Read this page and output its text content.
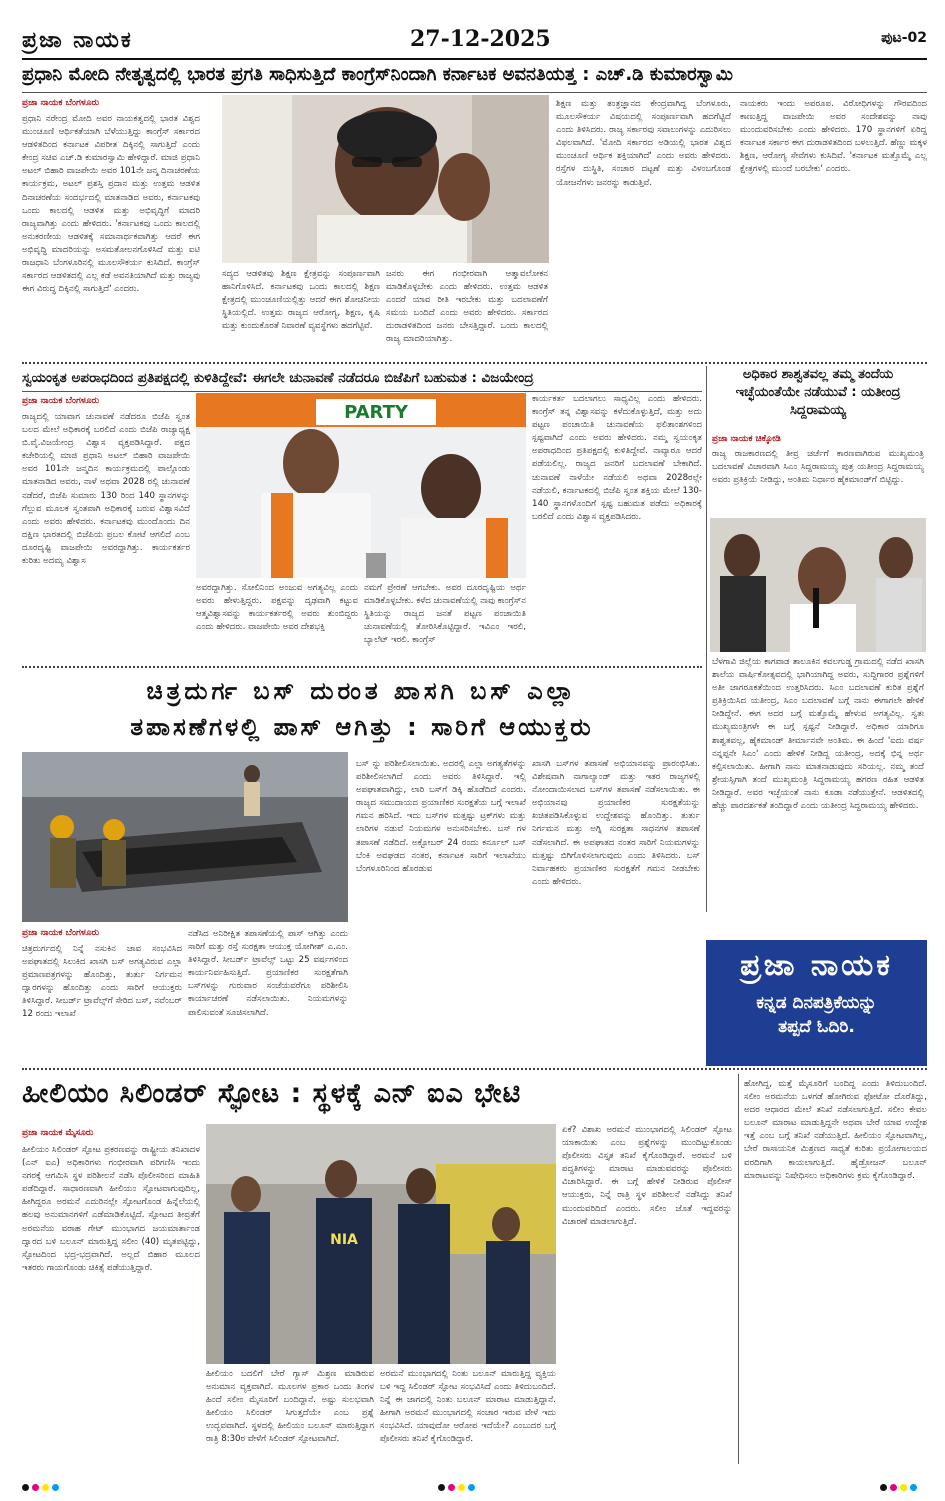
ಪ್ರಜಾ ನಾಯಕ	27-12-2025	ಪುಟ-02
ಪ್ರಧಾನಿ ಮೋದಿ ನೇತೃತ್ವದಲ್ಲಿ ಭಾರತ ಪ್ರಗತಿ ಸಾಧಿಸುತ್ತಿದೆ ಕಾಂಗ್ರೆಸ್‌ನಿಂದಾಗಿ ಕರ್ನಾಟಕ ಅವನತಿಯತ್ತ : ಎಚ್.ಡಿ ಕುಮಾರಸ್ವಾಮಿ
ಪ್ರಜಾ ನಾಯಕ ಬೆಂಗಳೂರು

ಪ್ರಧಾನಿ ನರೇಂದ್ರ ಮೋದಿ ಅವರ ನಾಯಕತ್ವದಲ್ಲಿ ಭಾರತ ವಿಶ್ವದ ಮುಂಚೂಣಿ ಆರ್ಥಿಕತೆಯಾಗಿ ಬೆಳೆಯುತ್ತಿದ್ದು ಕಾಂಗ್ರೆಸ್ ಸರ್ಕಾರದ ಆಡಳಿತದಿಂದ ಕರ್ನಾಟಕ ವಿಪರೀತ ದಿಕ್ಕಿನಲ್ಲಿ ಸಾಗುತ್ತಿದೆ ಎಂದು ಕೇಂದ್ರ ಸಚಿವ ಎಚ್.ಡಿ ಕುಮಾರಸ್ವಾಮಿ ಹೇಳಿದ್ದಾರೆ. ಮಾಜಿ ಪ್ರಧಾನಿ ಅಟಲ್ ಬಿಹಾರಿ ವಾಜಪೇಯಿ ಅವರ 101ನೇ ಜನ್ಮ ದಿನಾಚರಣೆಯ ಕಾರ್ಯಕ್ರಮ, ಅಟಲ್ ಪ್ರಶಸ್ತಿ ಪ್ರದಾನ ಮತ್ತು ಉತ್ತಮ ಆಡಳಿತ ದಿನಾಚರಣೆಯ ಸಂದರ್ಭದಲ್ಲಿ ಮಾತನಾಡಿದ ಅವರು, ಕರ್ನಾಟಕವು ಒಂದು ಕಾಲದಲ್ಲಿ ಆಡಳಿತ ಮತ್ತು ಅಭಿವೃದ್ಧಿಗೆ ಮಾದರಿ ರಾಜ್ಯವಾಗಿತ್ತು ಎಂದು ಹೇಳಿದರು. 'ಕರ್ನಾಟಕವು ಒಂದು ಕಾಲದಲ್ಲಿ ಅನುಕರಣೀಯ ಆಡಳಿತಕ್ಕೆ ಸಮಾನಾರ್ಥಕವಾಗಿತ್ತು ಆದರೆ ಈಗ ಅಭಿವೃದ್ಧಿ ಮಾದರಿಯನ್ನು ಅಸಮತೋಲನಗೊಳಿಸಿದೆ ಮತ್ತು ಐಟಿ ರಾಜಧಾನಿ ಬೆಂಗಳೂರಿನಲ್ಲಿ ಮೂಲಸೌಕರ್ಯ ಕುಸಿದಿದೆ. ಕಾಂಗ್ರೆಸ್ ಸರ್ಕಾರದ ಆಡಳಿತದಲ್ಲಿ ಎಲ್ಲ ಕಡೆ ಅವನತಿಯಾಗಿದೆ ಮತ್ತು ರಾಜ್ಯವು ಈಗ ವಿರುದ್ಧ ದಿಕ್ಕಿನಲ್ಲಿ ಸಾಗುತ್ತಿದೆ' ಎಂದರು.

ಸದ್ಯದ ಆಡಳಿತವು ಶಿಕ್ಷಣ ಕ್ಷೇತ್ರವನ್ನು ಸಂಪೂರ್ಣವಾಗಿ ಹಾನಿಗೊಳಿಸಿದೆ. ಕರ್ನಾಟಕವು ಒಂದು ಕಾಲದಲ್ಲಿ ಶಿಕ್ಷಣ ಕ್ಷೇತ್ರದಲ್ಲಿ ಮುಂಚೂಣಿಯಲ್ಲಿತ್ತು ಆದರೆ ಈಗ ಶೋಚನೀಯ ಸ್ಥಿತಿಯಲ್ಲಿದೆ. ಉತ್ತಮ ರಾಜ್ಯದ ಆರೋಗ್ಯ, ಶಿಕ್ಷಣ, ಕೃಷಿ ಮತ್ತು ಕುಂದುಕೊರತೆ ನಿವಾರಣೆ ವ್ಯವಸ್ಥೆಗಳು ಹದಗೆಟ್ಟಿವೆ.

ಜನರು ಈಗ ಗಂಭೀರವಾಗಿ ಆತ್ಮಾವಲೋಕನ ಮಾಡಿಕೊಳ್ಳಬೇಕು ಎಂದು ಹೇಳಿದರು. ಉತ್ತಮ ಆಡಳಿತ ಎಂದರೆ ಯಾವ ರೀತಿ ಇರಬೇಕು ಮತ್ತು ಬದಲಾವಣೆಗೆ ಸಮಯ ಬಂದಿದೆ ಎಂದು ಅವರು ಹೇಳಿದರು. ಸರ್ಕಾರದ ದುರಾಡಳಿತದಿಂದ ಜನರು ಬೇಸತ್ತಿದ್ದಾರೆ. ಒಂದು ಕಾಲದಲ್ಲಿ ರಾಜ್ಯ ಮಾದರಿಯಾಗಿತ್ತು.

ಶಿಕ್ಷಣ ಮತ್ತು ತಂತ್ರಜ್ಞಾನದ ಕೇಂದ್ರವಾಗಿದ್ದ ಬೆಂಗಳೂರು, ಮೂಲಸೌಕರ್ಯ ವಿಷಯದಲ್ಲಿ ಸಂಪೂರ್ಣವಾಗಿ ಹದಗೆಟ್ಟಿದೆ ಎಂದು ತಿಳಿಸಿದರು. ರಾಜ್ಯ ಸರ್ಕಾರವು ಸವಾಲುಗಳನ್ನು ಎದುರಿಸಲು ವಿಫಲವಾಗಿದೆ. 'ಮೋದಿ ಸರ್ಕಾರದ ಅಡಿಯಲ್ಲಿ ಭಾರತ ವಿಶ್ವದ ಮುಂಚೂಣಿ ಆರ್ಥಿಕ ಶಕ್ತಿಯಾಗಿದೆ' ಎಂದು ಅವರು ಹೇಳಿದರು. ರಸ್ತೆಗಳ ದುಸ್ಥಿತಿ, ಸಂಚಾರ ದಟ್ಟಣೆ ಮತ್ತು ವಿಳಂಬಗೊಂಡ ಯೋಜನೆಗಳು ಜನರನ್ನು ಕಾಡುತ್ತಿವೆ.

ನಾಯಕರು ಇಂದು ಅಪರೂಪ. ವಿರೋಧಿಗಳನ್ನು ಗೌರವದಿಂದ ಕಾಣುತ್ತಿದ್ದ ವಾಜಪೇಯಿ ಅವರ ಸಂದೇಶವನ್ನು ನಾವು ಮುಂದುವರಿಸಬೇಕು ಎಂದು ಹೇಳಿದರು. 170 ಸ್ಥಾನಗಳಿಗೆ ಏರಿದ್ದ ಕರ್ನಾಟಕ ಸರ್ಕಾರ ಈಗ ದುರಾಡಳಿತದಿಂದ ಬಳಲುತ್ತಿದೆ. ಹೆಣ್ಣು ಮಕ್ಕಳ ಶಿಕ್ಷಣ, ಆರೋಗ್ಯ ಸೇವೆಗಳು ಕುಸಿದಿವೆ. 'ಕರ್ನಾಟಕ ಮತ್ತೊಮ್ಮೆ ಎಲ್ಲ ಕ್ಷೇತ್ರಗಳಲ್ಲಿ ಮುಂದೆ ಬರಬೇಕು' ಎಂದರು.

ಸ್ವಯಂಕೃತ ಅಪರಾಧದಿಂದ ಪ್ರತಿಪಕ್ಷದಲ್ಲಿ ಕುಳಿತಿದ್ದೇವೆ: ಈಗಲೇ ಚುನಾವಣೆ ನಡೆದರೂ ಬಿಜೆಪಿಗೆ ಬಹುಮತ : ವಿಜಯೇಂದ್ರ
ಪ್ರಜಾ ನಾಯಕ ಬೆಂಗಳೂರು

ರಾಜ್ಯದಲ್ಲಿ ಯಾವಾಗ ಚುನಾವಣೆ ನಡೆದರೂ ಬಿಜೆಪಿ ಸ್ವಂತ ಬಲದ ಮೇಲೆ ಅಧಿಕಾರಕ್ಕೆ ಬರಲಿದೆ ಎಂದು ಬಿಜೆಪಿ ರಾಜ್ಯಾಧ್ಯಕ್ಷ ಬಿ.ವೈ.ವಿಜಯೇಂದ್ರ ವಿಶ್ವಾಸ ವ್ಯಕ್ತಪಡಿಸಿದ್ದಾರೆ. ಪಕ್ಷದ ಕಚೇರಿಯಲ್ಲಿ ಮಾಜಿ ಪ್ರಧಾನಿ ಅಟಲ್ ಬಿಹಾರಿ ವಾಜಪೇಯಿ ಅವರ 101ನೇ ಜನ್ಮದಿನ ಕಾರ್ಯಕ್ರಮದಲ್ಲಿ ಪಾಲ್ಗೊಂಡು ಮಾತನಾಡಿದ ಅವರು, ನಾಳೆ ಅಥವಾ 2028 ರಲ್ಲಿ ಚುನಾವಣೆ ನಡೆದರೆ, ಬಿಜೆಪಿ ಸುಮಾರು 130 ರಿಂದ 140 ಸ್ಥಾನಗಳನ್ನು ಗೆಲ್ಲುವ ಮೂಲಕ ಸ್ವಂತವಾಗಿ ಅಧಿಕಾರಕ್ಕೆ ಬರುವ ವಿಶ್ವಾಸವಿದೆ ಎಂದು ಅವರು ಹೇಳಿದರು. ಕರ್ನಾಟಕವು ಮುಂದೊಂದು ದಿನ ದಕ್ಷಿಣ ಭಾರತದಲ್ಲಿ ಬಿಜೆಪಿಯ ಪ್ರಬಲ ಕೋಟೆ ಆಗಲಿದೆ ಎಂಬ ದೂರದೃಷ್ಟಿ ವಾಜಪೇಯಿ ಅವರದ್ದಾಗಿತ್ತು. ಕಾರ್ಯಕರ್ತರ ಕುರಿತು ಅದಮ್ಯ ವಿಶ್ವಾಸ

PARTY

ಅವರದ್ದಾಗಿತ್ತು. ಸೋಲಿನಿಂದ ಅಂಜುವ ಅಗತ್ಯವಿಲ್ಲ ಎಂದು ಅವರು ಹೇಳುತ್ತಿದ್ದರು. ಪಕ್ಷವನ್ನು ದೃಢವಾಗಿ ಕಟ್ಟುವ ಆತ್ಮವಿಶ್ವಾಸವನ್ನು ಕಾರ್ಯಕರ್ತರಲ್ಲಿ ಅವರು ತುಂಬಿದ್ದರು ಎಂದು ಹೇಳಿದರು. ವಾಜಪೇಯಿ ಅವರ ದೇಶಭಕ್ತಿ

ನಮಗೆ ಪ್ರೇರಣೆ ಆಗಬೇಕು. ಅವರ ದೂರದೃಷ್ಟಿಯ ಅರ್ಥ ಮಾಡಿಕೊಳ್ಳಬೇಕು. ಕಳೆದ ಚುನಾವಣೆಯಲ್ಲಿ ನಾವು ಕಾಂಗ್ರೆಸ್‌ನ ಸ್ಥಿತಿಯನ್ನು ರಾಜ್ಯದ ಜನತೆ ಪಟ್ಟಣ ಪಂಚಾಯಿತಿ ಚುನಾವಣೆಯಲ್ಲಿ ತೋರಿಸಿಕೊಟ್ಟಿದ್ದಾರೆ. ಇವಿಎಂ ಇರಲಿ, ಬ್ಯಾಲೆಟ್ ಇರಲಿ. ಕಾಂಗ್ರೆಸ್

ಕಾರ್ಯಕರ್ತ ಬದಲಾಗಲು ಸಾಧ್ಯವಿಲ್ಲ ಎಂದು ಹೇಳಿದರು. ಕಾಂಗ್ರೆಸ್ ತನ್ನ ವಿಶ್ವಾಸವನ್ನು ಕಳೆದುಕೊಳ್ಳುತ್ತಿದೆ, ಮತ್ತು ಅದು ಪಟ್ಟಣ ಪಂಚಾಯಿತಿ ಚುನಾವಣೆಯ ಫಲಿತಾಂಶಗಳಿಂದ ಸ್ಪಷ್ಟವಾಗಿದೆ ಎಂದು ಅವರು ಹೇಳಿದರು. ನಮ್ಮ ಸ್ವಯಂಕೃತ ಅಪರಾಧದಿಂದ ಪ್ರತಿಪಕ್ಷದಲ್ಲಿ ಕುಳಿತಿದ್ದೇವೆ. ನಾವ್ಯಾರೂ ಆದರೆ ಪಡೆಯಲಿಲ್ಲ. ರಾಜ್ಯದ ಜನರಿಗೆ ಬದಲಾವಣೆ ಬೇಕಾಗಿದೆ. ಚುನಾವಣೆ ನಾಳೆಯೇ ನಡೆಯಲಿ ಅಥವಾ 2028ರಲ್ಲೇ ನಡೆಯಲಿ, ಕರ್ನಾಟಕದಲ್ಲಿ ಬಿಜೆಪಿ ಸ್ವಂತ ಶಕ್ತಿಯ ಮೇಲೆ 130-140 ಸ್ಥಾನಗಳೊಂದಿಗೆ ಸ್ಪಷ್ಟ ಬಹುಮತ ಪಡೆದು ಅಧಿಕಾರಕ್ಕೆ ಬರಲಿದೆ ಎಂದು ವಿಶ್ವಾಸ ವ್ಯಕ್ತಪಡಿಸಿದರು.

ಅಧಿಕಾರ ಶಾಶ್ವತವಲ್ಲ ತಮ್ಮ ತಂದೆಯ ಇಚ್ಛೆಯಂತೆಯೇ ನಡೆಯುವೆ : ಯತೀಂದ್ರ ಸಿದ್ದರಾಮಯ್ಯ
ಪ್ರಜಾ ನಾಯಕ ಚಿಕ್ಕೋಡಿ

ರಾಜ್ಯ ರಾಜಕಾರಣದಲ್ಲಿ ತೀವ್ರ ಚರ್ಚೆಗೆ ಕಾರಣವಾಗಿರುವ ಮುಖ್ಯಮಂತ್ರಿ ಬದಲಾವಣೆ ವಿಚಾರವಾಗಿ ಸಿಎಂ ಸಿದ್ದರಾಮಯ್ಯ ಪುತ್ರ ಯತೀಂದ್ರ ಸಿದ್ದರಾಮಯ್ಯ ಅವರು ಪ್ರತಿಕ್ರಿಯೆ ನೀಡಿದ್ದು, ಅಂತಿಮ ನಿರ್ಧಾರ ಹೈಕಮಾಂಡ್‌ಗೆ ಬಿಟ್ಟಿದ್ದು.

ಬೆಳಗಾವಿ ಜಿಲ್ಲೆಯ ಕಾಗವಾಡ ತಾಲೂಕಿನ ಕವಲಗುಡ್ಡ ಗ್ರಾಮದಲ್ಲಿ ನಡೆದ ಖಾಸಗಿ ಶಾಲೆಯ ವಾರ್ಷಿಕೋತ್ಸವದಲ್ಲಿ ಭಾಗಿಯಾಗಿದ್ದ ಅವರು, ಸುದ್ದಿಗಾರರ ಪ್ರಶ್ನೆಗಳಿಗೆ ಅತೀ ಜಾಗರೂಕತೆಯಿಂದ ಉತ್ತರಿಸಿದರು. ಸಿಎಂ ಬದಲಾವಣೆ ಕುರಿತ ಪ್ರಶ್ನೆಗೆ ಪ್ರತಿಕ್ರಿಯಿಸಿದ ಯತೀಂದ್ರ, ಸಿಎಂ ಬದಲಾವಣೆ ಬಗ್ಗೆ ನಾನು ಈಗಾಗಲೇ ಹೇಳಿಕೆ ನೀಡಿದ್ದೇನೆ. ಈಗ ಅದರ ಬಗ್ಗೆ ಮತ್ತೊಮ್ಮೆ ಹೇಳುವ ಅಗತ್ಯವಿಲ್ಲ. ಸ್ವತಃ ಮುಖ್ಯಮಂತ್ರಿಗಳೇ ಈ ಬಗ್ಗೆ ಸ್ಪಷ್ಟನೆ ನೀಡಿದ್ದಾರೆ. ಅಧಿಕಾರ ಯಾರಿಗೂ ಶಾಶ್ವತವಲ್ಲ, ಹೈಕಮಾಂಡ್ ತೀರ್ಮಾನವೇ ಅಂತಿಮ. ಈ ಹಿಂದೆ 'ಐದು ವರ್ಷ ನನ್ನಪ್ಪನೇ ಸಿಎಂ' ಎಂದು ಹೇಳಿಕೆ ನೀಡಿದ್ದ ಯತೀಂದ್ರ, ಅದಕ್ಕೆ ಭಿನ್ನ ಅರ್ಥ ಕಲ್ಪಿಸಲಾಯಿತು. ಹೀಗಾಗಿ ನಾನು ಮಾತನಾಡುವುದು ಸರಿಯಲ್ಲ. ನಮ್ಮ ತಂದೆ ಶ್ರೇಯಸ್ಸಿಗಾಗಿ ತಂದೆ ಮುಖ್ಯಮಂತ್ರಿ ಸಿದ್ದರಾಮಯ್ಯ ಹಗರಣ ರಹಿತ ಆಡಳಿತ ನೀಡಿದ್ದಾರೆ. ಅವರ ಇಚ್ಛೆಯಂತೆ ನಾನು ಕೂಡಾ ನಡೆಯುತ್ತೇನೆ. ಆಡಳಿತದಲ್ಲಿ ಹೆಚ್ಚು ಪಾರದರ್ಶಕತೆ ತಂದಿದ್ದಾರೆ ಎಂದು ಯತೀಂದ್ರ ಸಿದ್ದರಾಮಯ್ಯ ಹೇಳಿದರು.

ಪ್ರಜಾ ನಾಯಕ
ಕನ್ನಡ ದಿನಪತ್ರಿಕೆಯನ್ನು
ತಪ್ಪದೆ ಓದಿರಿ.
ಚಿತ್ರದುರ್ಗ ಬಸ್ ದುರಂತ ಖಾಸಗಿ ಬಸ್ ಎಲ್ಲಾ
ತಪಾಸಣೆಗಳಲ್ಲಿ ಪಾಸ್ ಆಗಿತ್ತು : ಸಾರಿಗೆ ಆಯುಕ್ತರು
ಪ್ರಜಾ ನಾಯಕ ಬೆಂಗಳೂರು

ಚಿತ್ರದುರ್ಗದಲ್ಲಿ ನಿನ್ನೆ ನಸುಕಿನ ಜಾವ ಸಂಭವಿಸಿದ ಅಪಘಾತದಲ್ಲಿ ಸಿಲುಕಿದ ಖಾಸಗಿ ಬಸ್ ಅಗತ್ಯವಿರುವ ಎಲ್ಲಾ ಪ್ರಮಾಣಪತ್ರಗಳನ್ನು ಹೊಂದಿತ್ತು, ತುರ್ತು ನಿರ್ಗಮನ ದ್ವಾರಗಳನ್ನು ಹೊಂದಿತ್ತು ಎಂದು ಸಾರಿಗೆ ಆಯುಕ್ತರು ತಿಳಿಸಿದ್ದಾರೆ. ಸೀಬರ್ಡ್ ಟ್ರಾವೆಲ್ಸ್‌ಗೆ ಸೇರಿದ ಬಸ್, ನವೆಂಬರ್ 12 ರಂದು ಇಲಾಖೆ

ನಡೆಸಿದ ಅನಿರೀಕ್ಷಿತ ತಪಾಸಣೆಯಲ್ಲಿ ಪಾಸ್ ಆಗಿತ್ತು ಎಂದು ಸಾರಿಗೆ ಮತ್ತು ರಸ್ತೆ ಸುರಕ್ಷತಾ ಆಯುಕ್ತ ಯೋಗೀಶ್ ಎ.ಎಂ. ತಿಳಿಸಿದ್ದಾರೆ. ಸೀಬರ್ಡ್ ಟ್ರಾವೆಲ್ಸ್ ಒಟ್ಟು 25 ವರ್ಷಗಳಿಂದ ಕಾರ್ಯನಿರ್ವಹಿಸುತ್ತಿದೆ. ಪ್ರಯಾಣಿಕರ ಸುರಕ್ಷತೆಗಾಗಿ ಬಸ್‌ಗಳನ್ನು ಗುರುವಾರ ಸಂಜೆಯವರೆಗೂ ಪರಿಶೀಲಿಸಿ ಕಾರ್ಯಾಚರಣೆ ನಡೆಸಲಾಯಿತು. ನಿಯಮಗಳನ್ನು ಪಾಲಿಸುವಂತೆ ಸೂಚಿಸಲಾಗಿದೆ.

ಬಸ್ ನ್ನು ಪರಿಶೀಲಿಸಲಾಯಿತು. ಅದರಲ್ಲಿ ಎಲ್ಲಾ ಅಗತ್ಯತೆಗಳನ್ನು ಪರಿಶೀಲಿಸಲಾಗಿದೆ ಎಂದು ಅವರು ತಿಳಿಸಿದ್ದಾರೆ. ಇಲ್ಲಿ ಅಪಘಾತವಾಗಿದ್ದು, ಲಾರಿ ಬಸ್‌ಗೆ ಡಿಕ್ಕಿ ಹೊಡೆದಿದೆ ಎಂದರು. ರಾಜ್ಯದ ಸಮುದಾಯದ ಪ್ರಯಾಣಿಕರ ಸುರಕ್ಷತೆಯ ಬಗ್ಗೆ ಇಲಾಖೆ ಗಮನ ಹರಿಸಿದೆ. ಇದು ಬಸ್‌ಗಳ ಮತ್ತಷ್ಟು ಟ್ರಕ್‌ಗಳು ಮತ್ತು ಲಾರಿಗಳ ನಡುವೆ ನಿಯಮಗಳ ಅನುಸರಿಸಬೇಕು. ಬಸ್ ಗಳ ತಪಾಸಣೆ ನಡೆದಿದೆ. ಅಕ್ಟೋಬರ್ 24 ರಂದು ಕರ್ನೂಲ್ ಬಸ್ ಬೆಂಕಿ ಅವಘಡದ ನಂತರ, ಕರ್ನಾಟಕ ಸಾರಿಗೆ ಇಲಾಖೆಯು ಬೆಂಗಳೂರಿನಿಂದ ಹೊರಡುವ

ಖಾಸಗಿ ಬಸ್‌ಗಳ ತಪಾಸಣೆ ಅಭಿಯಾನವನ್ನು ಪ್ರಾರಂಭಿಸಿತು. ವಿಶೇಷವಾಗಿ ನಾಗಾಲ್ಯಾಂಡ್ ಮತ್ತು ಇತರ ರಾಜ್ಯಗಳಲ್ಲಿ ನೋಂದಾಯಿಸಲಾದ ಬಸ್‌ಗಳ ತಪಾಸಣೆ ನಡೆಸಲಾಯಿತು. ಈ ಅಭಿಯಾನವು ಪ್ರಯಾಣಿಕರ ಸುರಕ್ಷತೆಯನ್ನು ಖಚಿತಪಡಿಸಿಕೊಳ್ಳುವ ಉದ್ದೇಶವನ್ನು ಹೊಂದಿತ್ತು. ತುರ್ತು ನಿರ್ಗಮನ ಮತ್ತು ಅಗ್ನಿ ಸುರಕ್ಷತಾ ಸಾಧನಗಳ ತಪಾಸಣೆ ನಡೆಸಲಾಗಿದೆ. ಈ ಅಪಘಾತದ ನಂತರ ಸಾರಿಗೆ ನಿಯಮಗಳನ್ನು ಮತ್ತಷ್ಟು ಬಿಗಿಗೊಳಿಸಲಾಗುವುದು ಎಂದು ತಿಳಿಸಿದರು. ಬಸ್ ನಿರ್ವಾಹಕರು ಪ್ರಯಾಣಿಕರ ಸುರಕ್ಷತೆಗೆ ಗಮನ ನೀಡಬೇಕು ಎಂದು ಹೇಳಿದರು.

ಹೀಲಿಯಂ ಸಿಲಿಂಡರ್ ಸ್ಫೋಟ : ಸ್ಥಳಕ್ಕೆ ಎನ್ ಐಎ ಭೇಟಿ
ಪ್ರಜಾ ನಾಯಕ ಮೈಸೂರು

ಹೀಲಿಯಂ ಸಿಲಿಂಡರ್ ಸ್ಫೋಟ ಪ್ರಕರಣವನ್ನು ರಾಷ್ಟ್ರೀಯ ತನಿಖಾದಳ (ಎನ್ ಐಎ) ಅಧಿಕಾರಿಗಳು ಗಂಭೀರವಾಗಿ ಪರಿಗಣಿಸಿ ಇಂದು ನಗರಕ್ಕೆ ಆಗಮಿಸಿ ಸ್ಥಳ ಪರಿಶೀಲನೆ ನಡೆಸಿ ಪೊಲೀಸರಿಂದ ಮಾಹಿತಿ ಪಡೆದಿದ್ದಾರೆ. ಸಾಧಾರಣವಾಗಿ ಹೀಲಿಯಂ ಸ್ಫೋಟವಾಗುವುದಿಲ್ಲ, ಹೀಗಿದ್ದರೂ ಅರಮನೆ ಎದುರಿನಲ್ಲೇ ಸ್ಫೋಟಗೊಂಡ ಹಿನ್ನೆಲೆಯಲ್ಲಿ ಹಲವು ಅನುಮಾನಗಳಿಗೆ ಎಡೆಮಾಡಿಕೊಟ್ಟಿದೆ. ಸ್ಫೋಟದ ತೀವ್ರತೆಗೆ ಅರಮನೆಯ ವರಾಹ ಗೇಟ್ ಮುಂಭಾಗದ ಜಯಮಾರ್ತಾಂಡ ದ್ವಾರದ ಬಳಿ ಬಲೂನ್ ಮಾರುತ್ತಿದ್ದ ಸಲೀಂ (40) ಮೃತಪಟ್ಟಿದ್ದು, ಸ್ಫೋಟದಿಂದ ಭದ್ರ-ಭದ್ರವಾಗಿದೆ. ಅಲ್ಲದೆ ಬಿಹಾರ ಮೂಲದ ಇತರರು ಗಾಯಗೊಂಡು ಚಿಕಿತ್ಸೆ ಪಡೆಯುತ್ತಿದ್ದಾರೆ.

NIA

ಹೀಲಿಯಂ ಬದಲಿಗೆ ಬೇರೆ ಗ್ಯಾಸ್ ಮಿಶ್ರಣ ಮಾಡಿರುವ ಅನುಮಾನ ವ್ಯಕ್ತವಾಗಿದೆ. ಮೂಲಗಳ ಪ್ರಕಾರ ಒಂದು ತಿಂಗಳ ಹಿಂದೆ ಸಲೀಂ ಮೈಸೂರಿಗೆ ಬಂದಿದ್ದಾನೆ. ಅಷ್ಟು ಸುಲಭವಾಗಿ ಹೀಲಿಯಂ ಸಿಲಿಂಡರ್ ಸಿಗುತ್ತದೆಯೇ ಎಂಬ ಪ್ರಶ್ನೆ ಉದ್ಭವವಾಗಿದೆ. ಸ್ಥಳದಲ್ಲಿ ಹೀಲಿಯಂ ಬಲೂನ್ ಮಾರುತ್ತಿದ್ದಾಗ ರಾತ್ರಿ 8:30ರ ವೇಳೆಗೆ ಸಿಲಿಂಡರ್ ಸ್ಫೋಟವಾಗಿದೆ.

ಅರಮನೆ ಮುಂಭಾಗದಲ್ಲಿ ನಿಂತು ಬಲೂನ್ ಮಾರುತ್ತಿದ್ದ ವ್ಯಕ್ತಿಯ ಬಳಿ ಇದ್ದ ಸಿಲಿಂಡರ್ ಸ್ಫೋಟ ಸಂಭವಿಸಿದೆ ಎಂದು ತಿಳಿದುಬಂದಿದೆ. ನಿನ್ನೆ ಈ ಜಾಗದಲ್ಲಿ ನಿಂತು ಬಲೂನ್ ಮಾರಾಟ ಮಾಡುತ್ತಿದ್ದಾನೆ. ಹೀಗಾಗಿ ಅರಮನೆ ಮುಂಭಾಗದಲ್ಲಿ ಸಂಚಾರ ಇರುವ ವೇಳೆ ಇದು ಸಂಭವಿಸಿದೆ. ಯಾವುದೋ ಆರೋಪ ಇದೆಯೇ? ಎಂಬುದರ ಬಗ್ಗೆ ಪೊಲೀಸರು ತನಿಖೆ ಕೈಗೊಂಡಿದ್ದಾರೆ.

ಏಕೆ? ವಿಶಾಖ ಅರಮನೆ ಮುಂಭಾಗದಲ್ಲಿ ಸಿಲಿಂಡರ್ ಸ್ಫೋಟ ಯಾಕಾಯಿತು ಎಂಬ ಪ್ರಶ್ನೆಗಳನ್ನು ಮುಂದಿಟ್ಟುಕೊಂಡು ಪೊಲೀಸರು ವಿಸ್ತೃತ ತನಿಖೆ ಕೈಗೊಂಡಿದ್ದಾರೆ. ಅರಮನೆ ಬಳಿ ಪದ್ಧತಿಗಳನ್ನು ಮಾರಾಟ ಮಾಡುವವರನ್ನು ಪೊಲೀಸರು ವಿಚಾರಿಸಿದ್ದಾರೆ. ಈ ಬಗ್ಗೆ ಹೇಳಿಕೆ ನೀಡಿರುವ ಪೊಲೀಸ್ ಆಯುಕ್ತರು, ನಿನ್ನೆ ರಾತ್ರಿ ಸ್ಥಳ ಪರಿಶೀಲನೆ ನಡೆಸಿದ್ದು ತನಿಖೆ ಮುಂದುವರಿದಿದೆ ಎಂದರು. ಸಲೀಂ ಜೊತೆ ಇದ್ದವರನ್ನು ವಿಚಾರಣೆ ಮಾಡಲಾಗುತ್ತಿದೆ.

ಹೋಗಿದ್ದ, ಮತ್ತೆ ಮೈಸೂರಿಗೆ ಬಂದಿದ್ದ ಎಂದು ತಿಳಿದುಬಂದಿದೆ. ಸಲೀಂ ಅರಮನೆಯ ಒಳಗಡೆ ಹೋಗಿರುವ ಫೋಟೋ ದೊರೆತಿದ್ದು, ಅದರ ಆಧಾರದ ಮೇಲೆ ತನಿಖೆ ನಡೆಸಲಾಗುತ್ತಿದೆ. ಸಲೀಂ ಕೇವಲ ಬಲೂನ್ ಮಾರಾಟ ಮಾಡುತ್ತಿದ್ದನೇ ಅಥವಾ ಬೇರೆ ಯಾವ ಉದ್ದೇಶ ಇತ್ತೆ ಎಂಬ ಬಗ್ಗೆ ತನಿಖೆ ನಡೆಯುತ್ತಿದೆ. ಹೀಲಿಯಂ ಸ್ಫೋಟವಾಗಿಲ್ಲ, ಬೇರೆ ರಾಸಾಯನಿಕ ಮಿಶ್ರಣದ ಸಾಧ್ಯತೆ ಕುರಿತು ಪ್ರಯೋಗಾಲಯದ ವರದಿಗಾಗಿ ಕಾಯಲಾಗುತ್ತಿದೆ. ಹೈಡ್ರೋಜನ್ ಬಲೂನ್ ಮಾರಾಟವನ್ನು ನಿಷೇಧಿಸಲು ಅಧಿಕಾರಿಗಳು ಕ್ರಮ ಕೈಗೊಂಡಿದ್ದಾರೆ.
